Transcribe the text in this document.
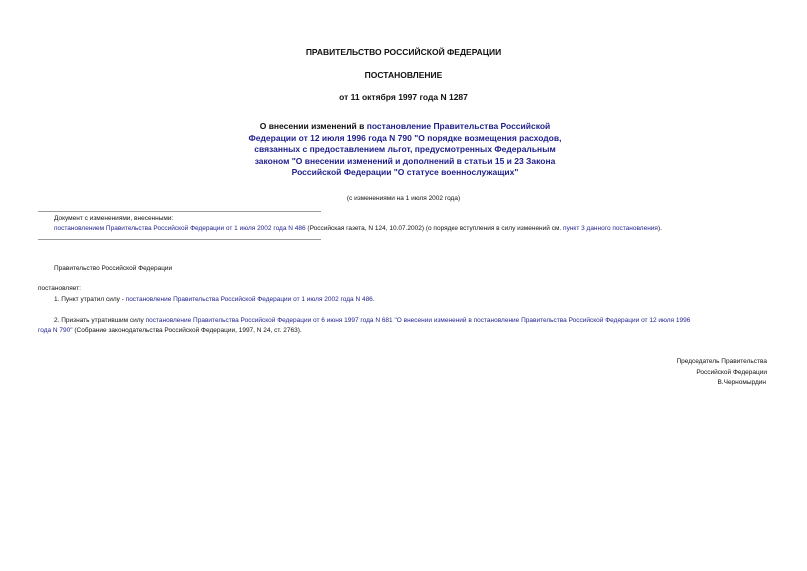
ПРАВИТЕЛЬСТВО РОССИЙСКОЙ ФЕДЕРАЦИИ
ПОСТАНОВЛЕНИЕ
от 11 октября 1997 года N 1287
О внесении изменений в постановление Правительства Российской Федерации от 12 июля 1996 года N 790 "О порядке возмещения расходов, связанных с предоставлением льгот, предусмотренных Федеральным законом "О внесении изменений и дополнений в статьи 15 и 23 Закона Российской Федерации "О статусе военнослужащих"
(с изменениями на 1 июля 2002 года)
Документ с изменениями, внесенными:
постановлением Правительства Российской Федерации от 1 июля 2002 года N 486 (Российская газета, N 124, 10.07.2002) (о порядке вступления в силу изменений см. пункт 3 данного постановления).
Правительство Российской Федерации
постановляет:
1. Пункт утратил силу - постановление Правительства Российской Федерации от 1 июля 2002 года N 486.
2. Признать утратившим силу постановление Правительства Российской Федерации от 6 июня 1997 года N 681 "О внесении изменений в постановление Правительства Российской Федерации от 12 июля 1996
года N 790" (Собрание законодательства Российской Федерации, 1997, N 24, ст. 2763).
Председатель Правительства
Российской Федерации
В.Черномырдин
